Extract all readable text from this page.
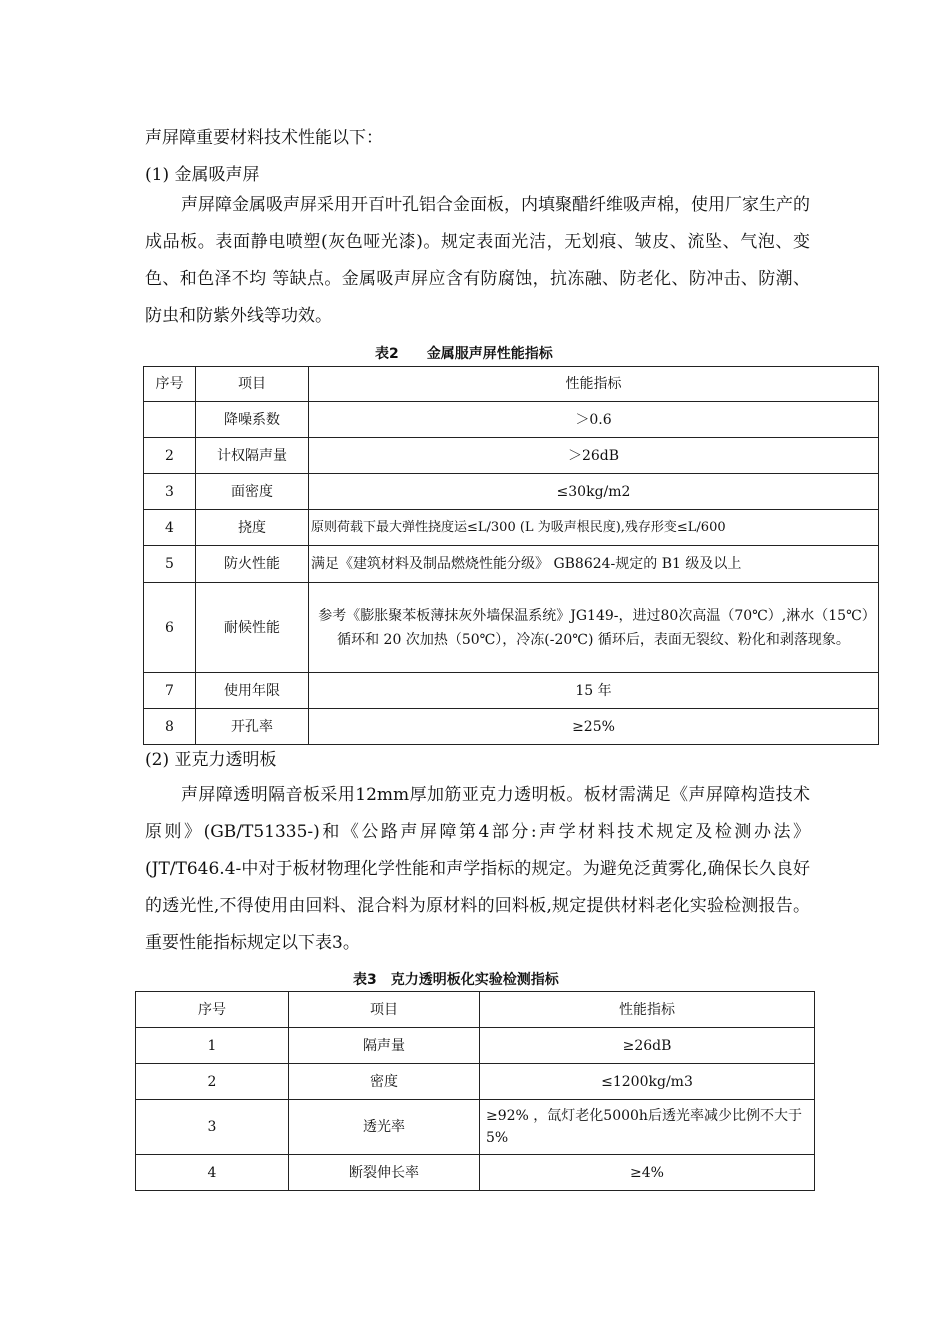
声屏障重要材料技术性能以下：

(1) 金属吸声屏

声屏障金属吸声屏采用开百叶孔铝合金面板，内填聚醋纤维吸声棉，使用厂家生产的成品板。表面静电喷塑(灰色哑光漆)。规定表面光洁，无划痕、皱皮、流坠、气泡、变色、和色泽不均 等缺点。金属吸声屏应含有防腐蚀，抗冻融、防老化、防冲击、防潮、防虫和防紫外线等功效。

表2　　金属服声屏性能指标

序号	项目	性能指标
	降噪系数	＞0.6
2	计权隔声量	＞26dB
3	面密度	≤30kg/m2
4	挠度	原则荷载下最大弹性挠度运≤L/300 (L 为吸声根民度),残存形变≤L/600
5	防火性能	满足《建筑材料及制品燃烧性能分级》 GB8624-规定的 B1 级及以上
6	耐候性能	参考《膨胀聚苯板薄抹灰外墙保温系统》JG149-，进过80次高温（70℃）,淋水（15℃）循环和 20 次加热（50℃），冷冻(-20℃) 循环后，表面无裂纹、粉化和剥落现象。
7	使用年限	15 年
8	开孔率	≥25%

(2) 亚克力透明板

声屏障透明隔音板采用12mm厚加筋亚克力透明板。板材需满足《声屏障构造技术原则》(GB/T51335-)和《公路声屏障第4部分:声学材料技术规定及检测办法》(JT/T646.4-中对于板材物理化学性能和声学指标的规定。为避免泛黄雾化,确保长久良好的透光性,不得使用由回料、混合料为原材料的回料板,规定提供材料老化实验检测报告。重要性能指标规定以下表3。

表3　克力透明板化实验检测指标

序号	项目	性能指标
1	隔声量	≥26dB
2	密度	≤1200kg/m3
3	透光率	≥92% ，氙灯老化5000h后透光率减少比例不大于5%
4	断裂伸长率	≥4%
